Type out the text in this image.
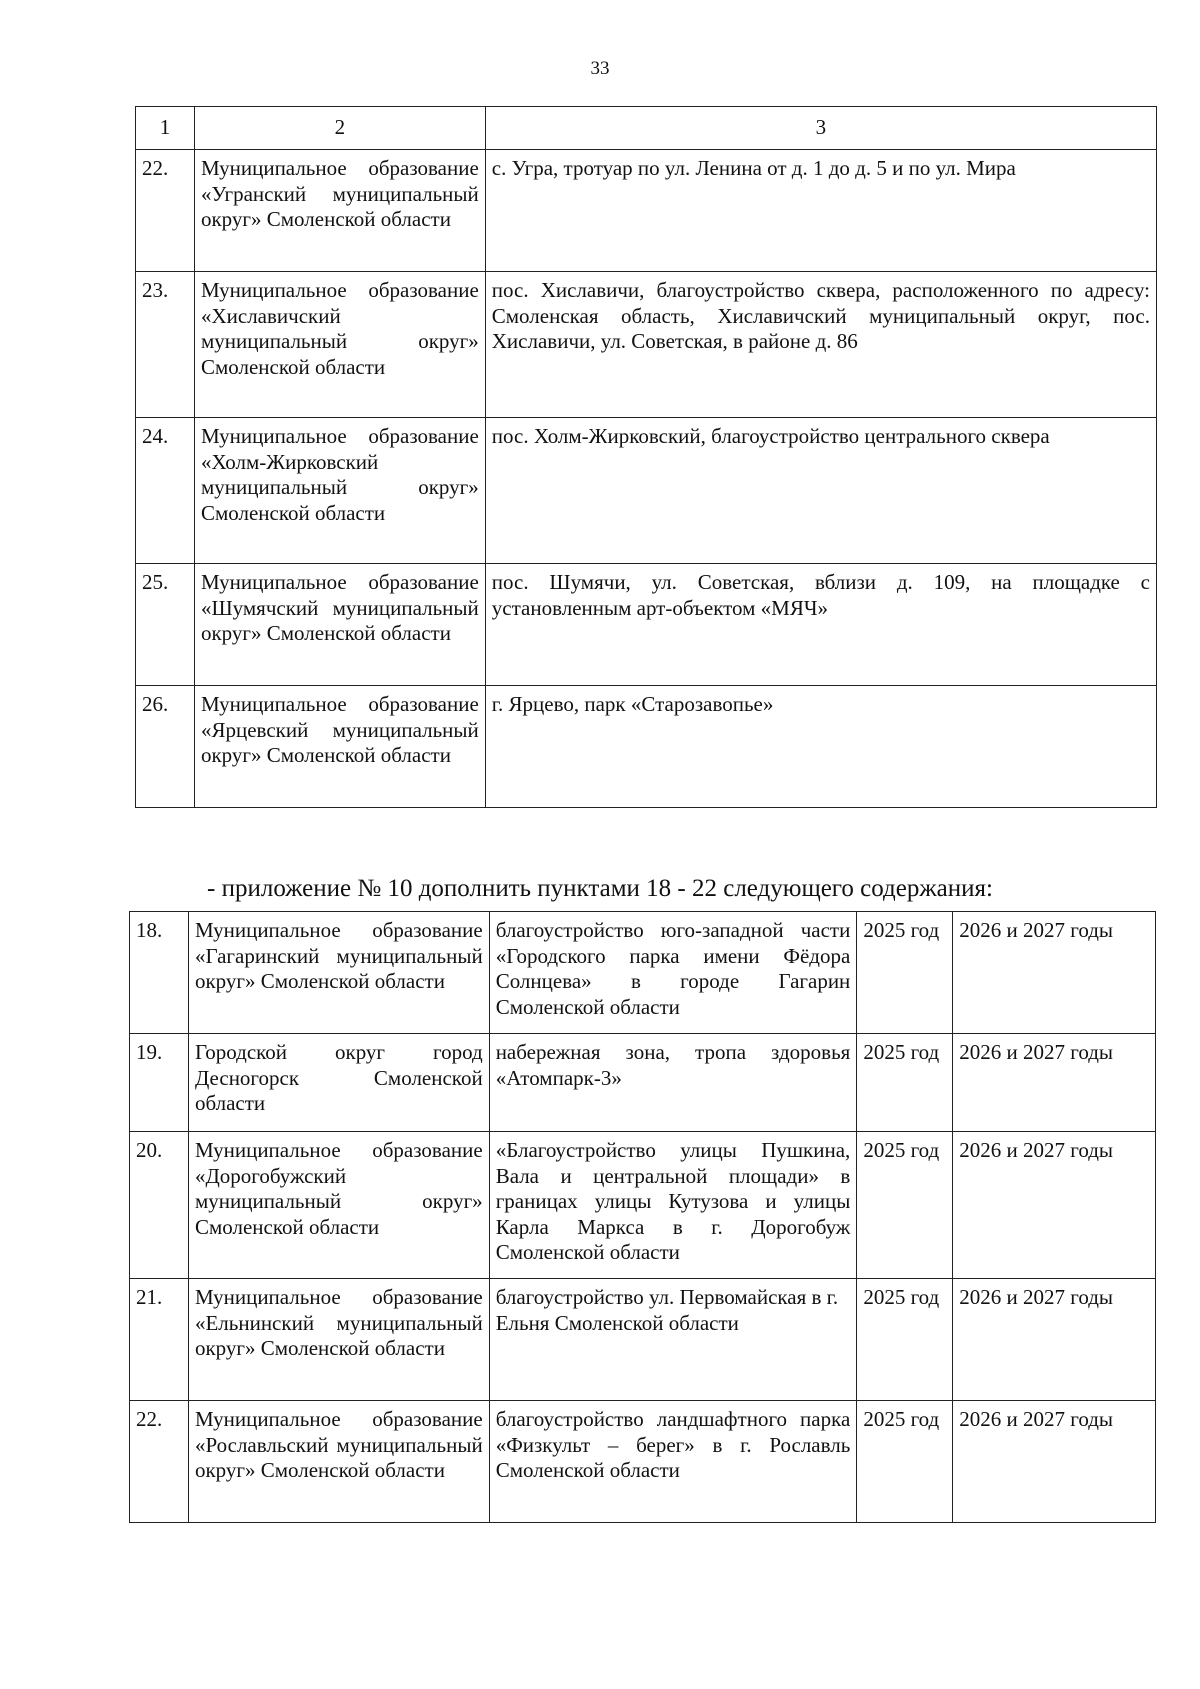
33
1	2	3
22.	Муниципальное образование «Угранский муниципальный округ» Смоленской области	с. Угра, тротуар по ул. Ленина от д. 1 до д. 5 и по ул. Мира
23.	Муниципальное образование «Хиславичский муниципальный округ» Смоленской области	пос. Хиславичи, благоустройство сквера, расположенного по адресу: Смоленская область, Хиславичский муниципальный округ, пос. Хиславичи, ул. Советская, в районе д. 86
24.	Муниципальное образование «Холм-Жирковский муниципальный округ» Смоленской области	пос. Холм-Жирковский, благоустройство центрального сквера
25.	Муниципальное образование «Шумячский муниципальный округ» Смоленской области	пос. Шумячи, ул. Советская, вблизи д. 109, на площадке с установленным арт-объектом «МЯЧ»
26.	Муниципальное образование «Ярцевский муниципальный округ» Смоленской области	г. Ярцево, парк «Старозавопье»
- приложение № 10 дополнить пунктами 18 - 22 следующего содержания:
18.	Муниципальное образование «Гагаринский муниципальный округ» Смоленской области	благоустройство юго-западной части «Городского парка имени Фёдора Солнцева» в городе Гагарин Смоленской области	2025 год	2026 и 2027 годы
19.	Городской округ город Десногорск Смоленской области	набережная зона, тропа здоровья «Атомпарк-3»	2025 год	2026 и 2027 годы
20.	Муниципальное образование «Дорогобужский муниципальный округ» Смоленской области	«Благоустройство улицы Пушкина, Вала и центральной площади» в границах улицы Кутузова и улицы Карла Маркса в г. Дорогобуж Смоленской области	2025 год	2026 и 2027 годы
21.	Муниципальное образование «Ельнинский муниципальный округ» Смоленской области	благоустройство ул. Первомайская в г. Ельня Смоленской области	2025 год	2026 и 2027 годы
22.	Муниципальное образование «Рославльский муниципальный округ» Смоленской области	благоустройство ландшафтного парка «Физкульт – берег» в г. Рославль Смоленской области	2025 год	2026 и 2027 годы
